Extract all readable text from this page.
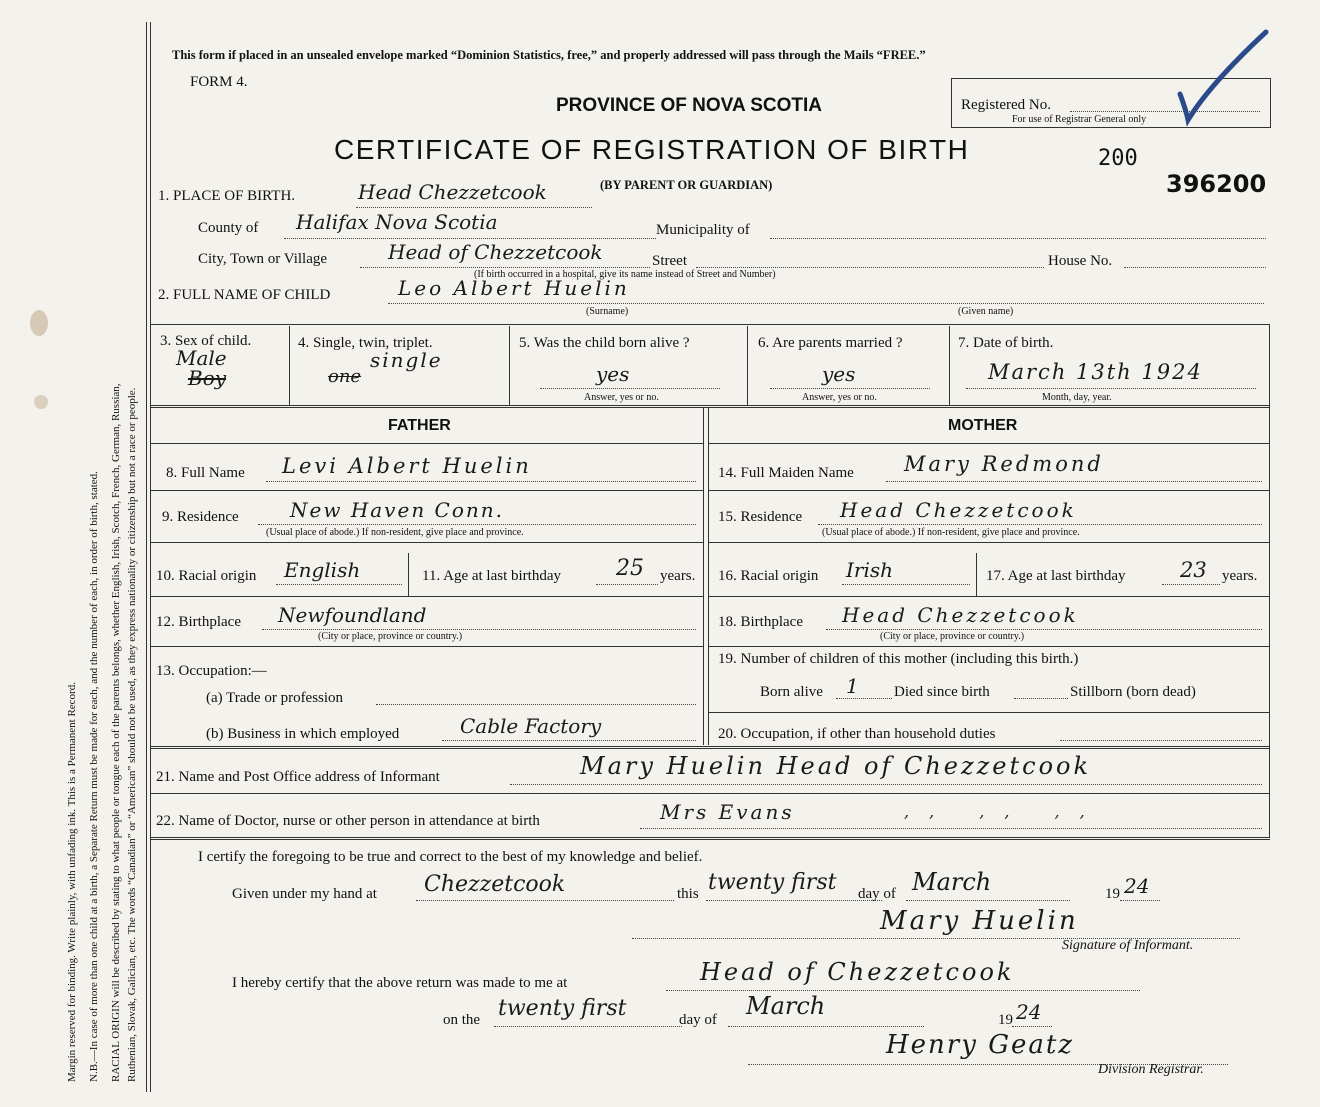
Margin reserved for binding. Write plainly, with unfading ink. This is a Permanent Record. N.B.—In case of more than one child at a birth, a Separate Return must be made for each, and the number of each, in order of birth, stated. RACIAL ORIGIN will be described by stating to what people or tongue each of the parents belongs, whether English, Irish, Scotch, French, German, Russian, Ruthenian, Slovak, Galician, etc. The words “Canadian” or “American” should not be used, as they express nationality or citizenship but not a race or people.
This form if placed in an unsealed envelope marked “Dominion Statistics, free,” and properly addressed will pass through the Mails “FREE.”
FORM 4.
PROVINCE OF NOVA SCOTIA
CERTIFICATE OF REGISTRATION OF BIRTH
(BY PARENT OR GUARDIAN)
200
396200
Registered No.
For use of Registrar General only
1. PLACE OF BIRTH.	Head Chezzetcook
County of Halifax Nova Scotia	Municipality of
City, Town or Village	Head of Chezzetcook	Street	House No.
(If birth occurred in a hospital, give its name instead of Street and Number)
2. FULL NAME OF CHILD	Leo Albert Huelin
(Surname)	(Given name)
3. Sex of child.
Male
Boy
4. Single, twin, triplet.
single
one
5. Was the child born alive ?
yes
Answer, yes or no.
6. Are parents married ?
yes
Answer, yes or no.
7. Date of birth.
March 13th 1924
Month, day, year.
FATHER	MOTHER
8. Full Name Levi Albert Huelin
9. Residence	New Haven Conn.
(Usual place of abode.) If non-resident, give place and province.
10. Racial origin English	11. Age at last birthday	25 years.
12. Birthplace Newfoundland
(City or place, province or country.)
13. Occupation:—
(a) Trade or profession
(b) Business in which employed	Cable Factory
14. Full Maiden Name Mary Redmond
15. Residence Head Chezzetcook
(Usual place of abode.) If non-resident, give place and province.
16. Racial origin Irish	17. Age at last birthday	23 years.
18. Birthplace Head Chezzetcook
(City or place, province or country.)
19. Number of children of this mother (including this birth.)
Born alive 1 Died since birth	Stillborn (born dead)
20. Occupation, if other than household duties
21. Name and Post Office address of Informant	Mary Huelin Head of Chezzetcook
22. Name of Doctor, nurse or other person in attendance at birth	Mrs Evans	,, ,, ,,
I certify the foregoing to be true and correct to the best of my knowledge and belief.
Given under my hand at Chezzetcook	this twenty first day of March	19 24
Mary Huelin
Signature of Informant.
I hereby certify that the above return was made to me at	Head of Chezzetcook
on the twenty first	day of March	19 24
Henry Geatz
Division Registrar.
